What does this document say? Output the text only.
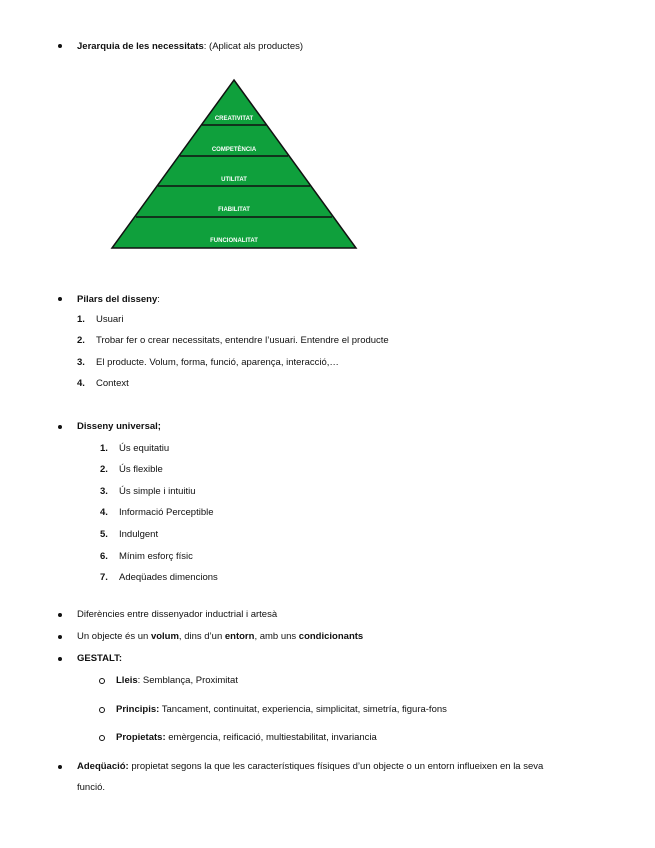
Jerarquia de les necessitats: (Aplicat als productes)
CREATIVITAT
COMPETÈNCIA
UTILITAT
FIABILITAT
FUNCIONALITAT
Pilars del disseny:
1. Usuari
2. Trobar fer o crear necessitats, entendre l’usuari. Entendre el producte
3. El producte. Volum, forma, funció, aparença, interacció,…
4. Context
Disseny universal;
1. Ús equitatiu
2. Ús flexible
3. Ús simple i intuitiu
4. Informació Perceptible
5. Indulgent
6. Mínim esforç físic
7. Adeqüades dimencions
Diferències entre dissenyador inductrial i artesà
Un objecte és un volum, dins d’un entorn, amb uns condicionants
GESTALT:
Lleis: Semblança, Proximitat
Principis: Tancament, continuitat, experiencia, simplicitat, simetría, figura-fons
Propietats: emèrgencia, reificació, multiestabilitat, invariancia
Adeqüació: propietat segons la que les característiques físiques d’un objecte o un entorn influeixen en la seva
funció.
